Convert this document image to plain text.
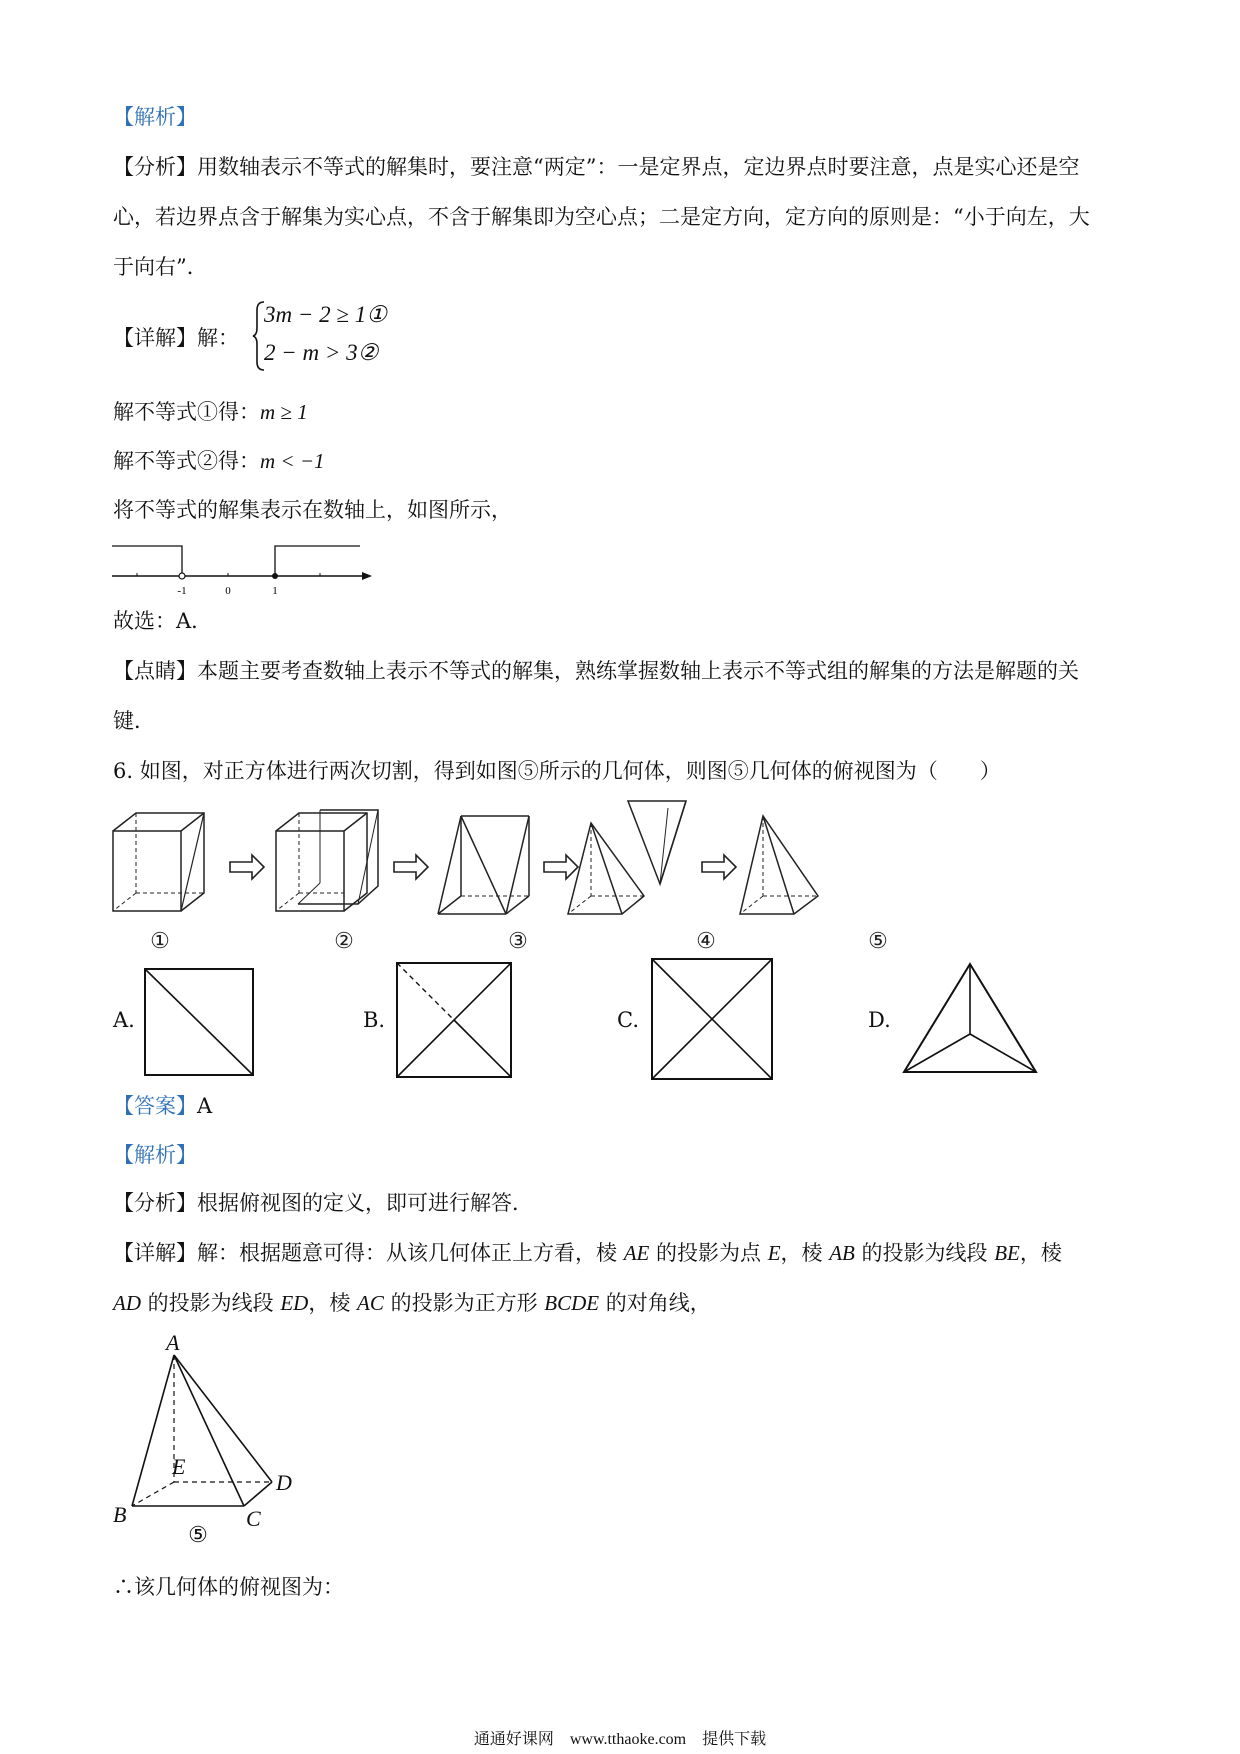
【解析】
【分析】用数轴表示不等式的解集时，要注意“两定”：一是定界点，定边界点时要注意，点是实心还是空
心，若边界点含于解集为实心点，不含于解集即为空心点；二是定方向，定方向的原则是：“小于向左，大
于向右”．
【详解】解：
3m − 2 ≥ 1①
2 − m > 3②
解不等式①得：m ≥ 1
解不等式②得：m < −1
将不等式的解集表示在数轴上，如图所示，
-1	0	1
故选：A．
【点睛】本题主要考查数轴上表示不等式的解集，熟练掌握数轴上表示不等式组的解集的方法是解题的关
键．
6. 如图，对正方体进行两次切割，得到如图⑤所示的几何体，则图⑤几何体的俯视图为（　　）
①	②	③	④	⑤
A.	B.	C.	D.
【答案】A
【解析】
【分析】根据俯视图的定义，即可进行解答．
【详解】解：根据题意可得：从该几何体正上方看，棱 AE 的投影为点 E，棱 AB 的投影为线段 BE，棱
AD 的投影为线段 ED，棱 AC 的投影为正方形 BCDE 的对角线，
A
E
D
B	C
⑤
∴该几何体的俯视图为：
通通好课网　www.tthaoke.com　提供下载
